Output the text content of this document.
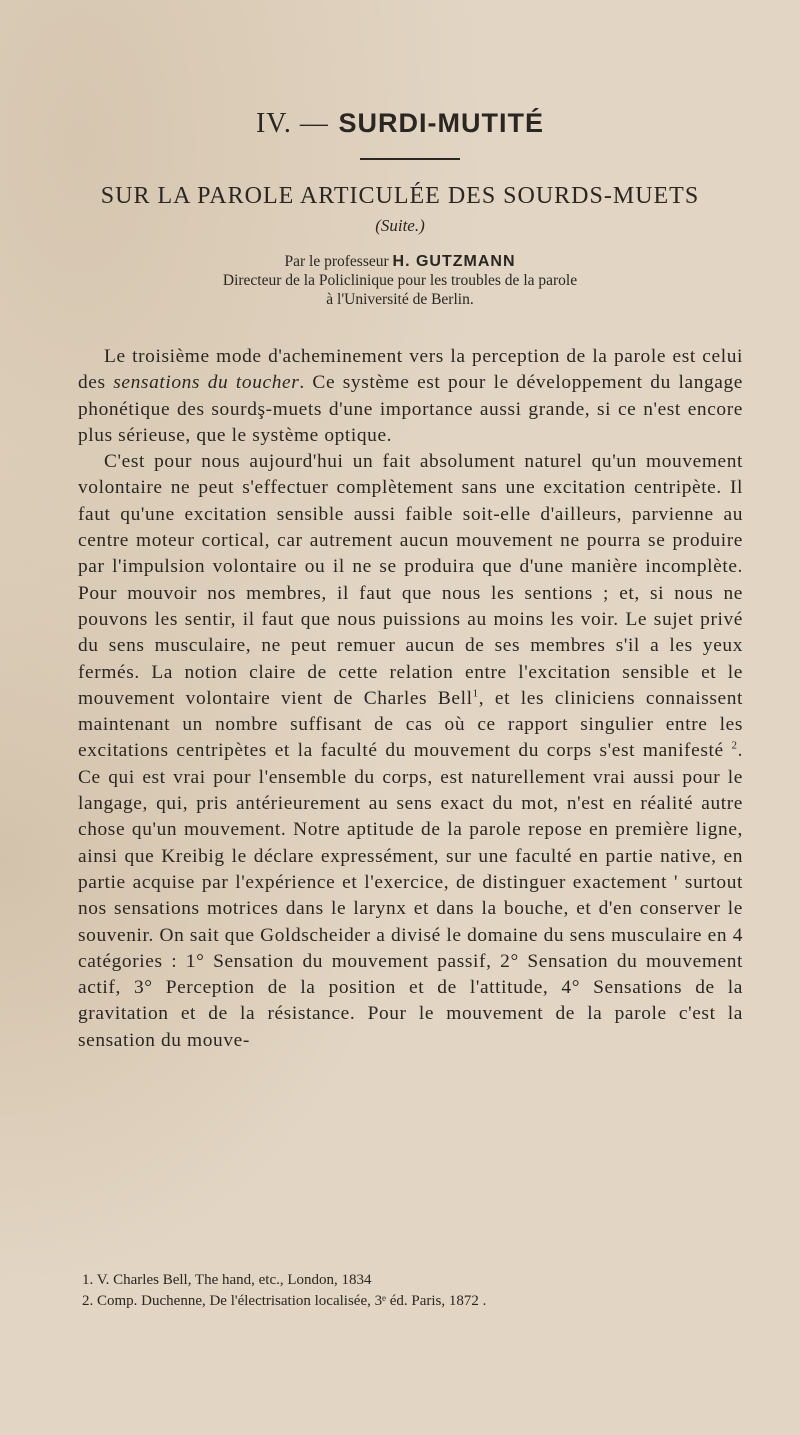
IV. — SURDI-MUTITÉ
SUR LA PAROLE ARTICULÉE DES SOURDS-MUETS
(Suite.)
Par le professeur H. GUTZMANN
Directeur de la Policlinique pour les troubles de la parole
à l'Université de Berlin.

Le troisième mode d'acheminement vers la perception de la parole est celui des sensations du toucher. Ce système est pour le développement du langage phonétique des sourdş-muets d'une importance aussi grande, si ce n'est encore plus sérieuse, que le système optique.

C'est pour nous aujourd'hui un fait absolument naturel qu'un mouvement volontaire ne peut s'effectuer complètement sans une excitation centripète. Il faut qu'une excitation sensible aussi faible soit-elle d'ailleurs, parvienne au centre moteur cortical, car autrement aucun mouvement ne pourra se produire par l'impulsion volontaire ou il ne se produira que d'une manière incomplète. Pour mouvoir nos membres, il faut que nous les sentions ; et, si nous ne pouvons les sentir, il faut que nous puissions au moins les voir. Le sujet privé du sens musculaire, ne peut remuer aucun de ses membres s'il a les yeux fermés. La notion claire de cette relation entre l'excitation sensible et le mouvement volontaire vient de Charles Bell$^1$, et les cliniciens connaissent maintenant un nombre suffisant de cas où ce rapport singulier entre les excitations centripètes et la faculté du mouvement du corps s'est manifesté $^2$. Ce qui est vrai pour l'ensemble du corps, est naturellement vrai aussi pour le langage, qui, pris antérieurement au sens exact du mot, n'est en réalité autre chose qu'un mouvement. Notre aptitude de la parole repose en première ligne, ainsi que Kreibig le déclare expressément, sur une faculté en partie native, en partie acquise par l'expérience et l'exercice, de distinguer exactement ' surtout nos sensations motrices dans le larynx et dans la bouche, et d'en conserver le souvenir. On sait que Goldscheider a divisé le domaine du sens musculaire en 4 catégories : 1° Sensation du mouvement passif, 2° Sensation du mouvement actif, 3° Perception de la position et de l'attitude, 4° Sensations de la gravitation et de la résistance. Pour le mouvement de la parole c'est la sensation du mouve-

1. V. Charles Bell, The hand, etc., London, 1834
2. Comp. Duchenne, De l'électrisation localisée, 3ᵉ éd. Paris, 1872 .
